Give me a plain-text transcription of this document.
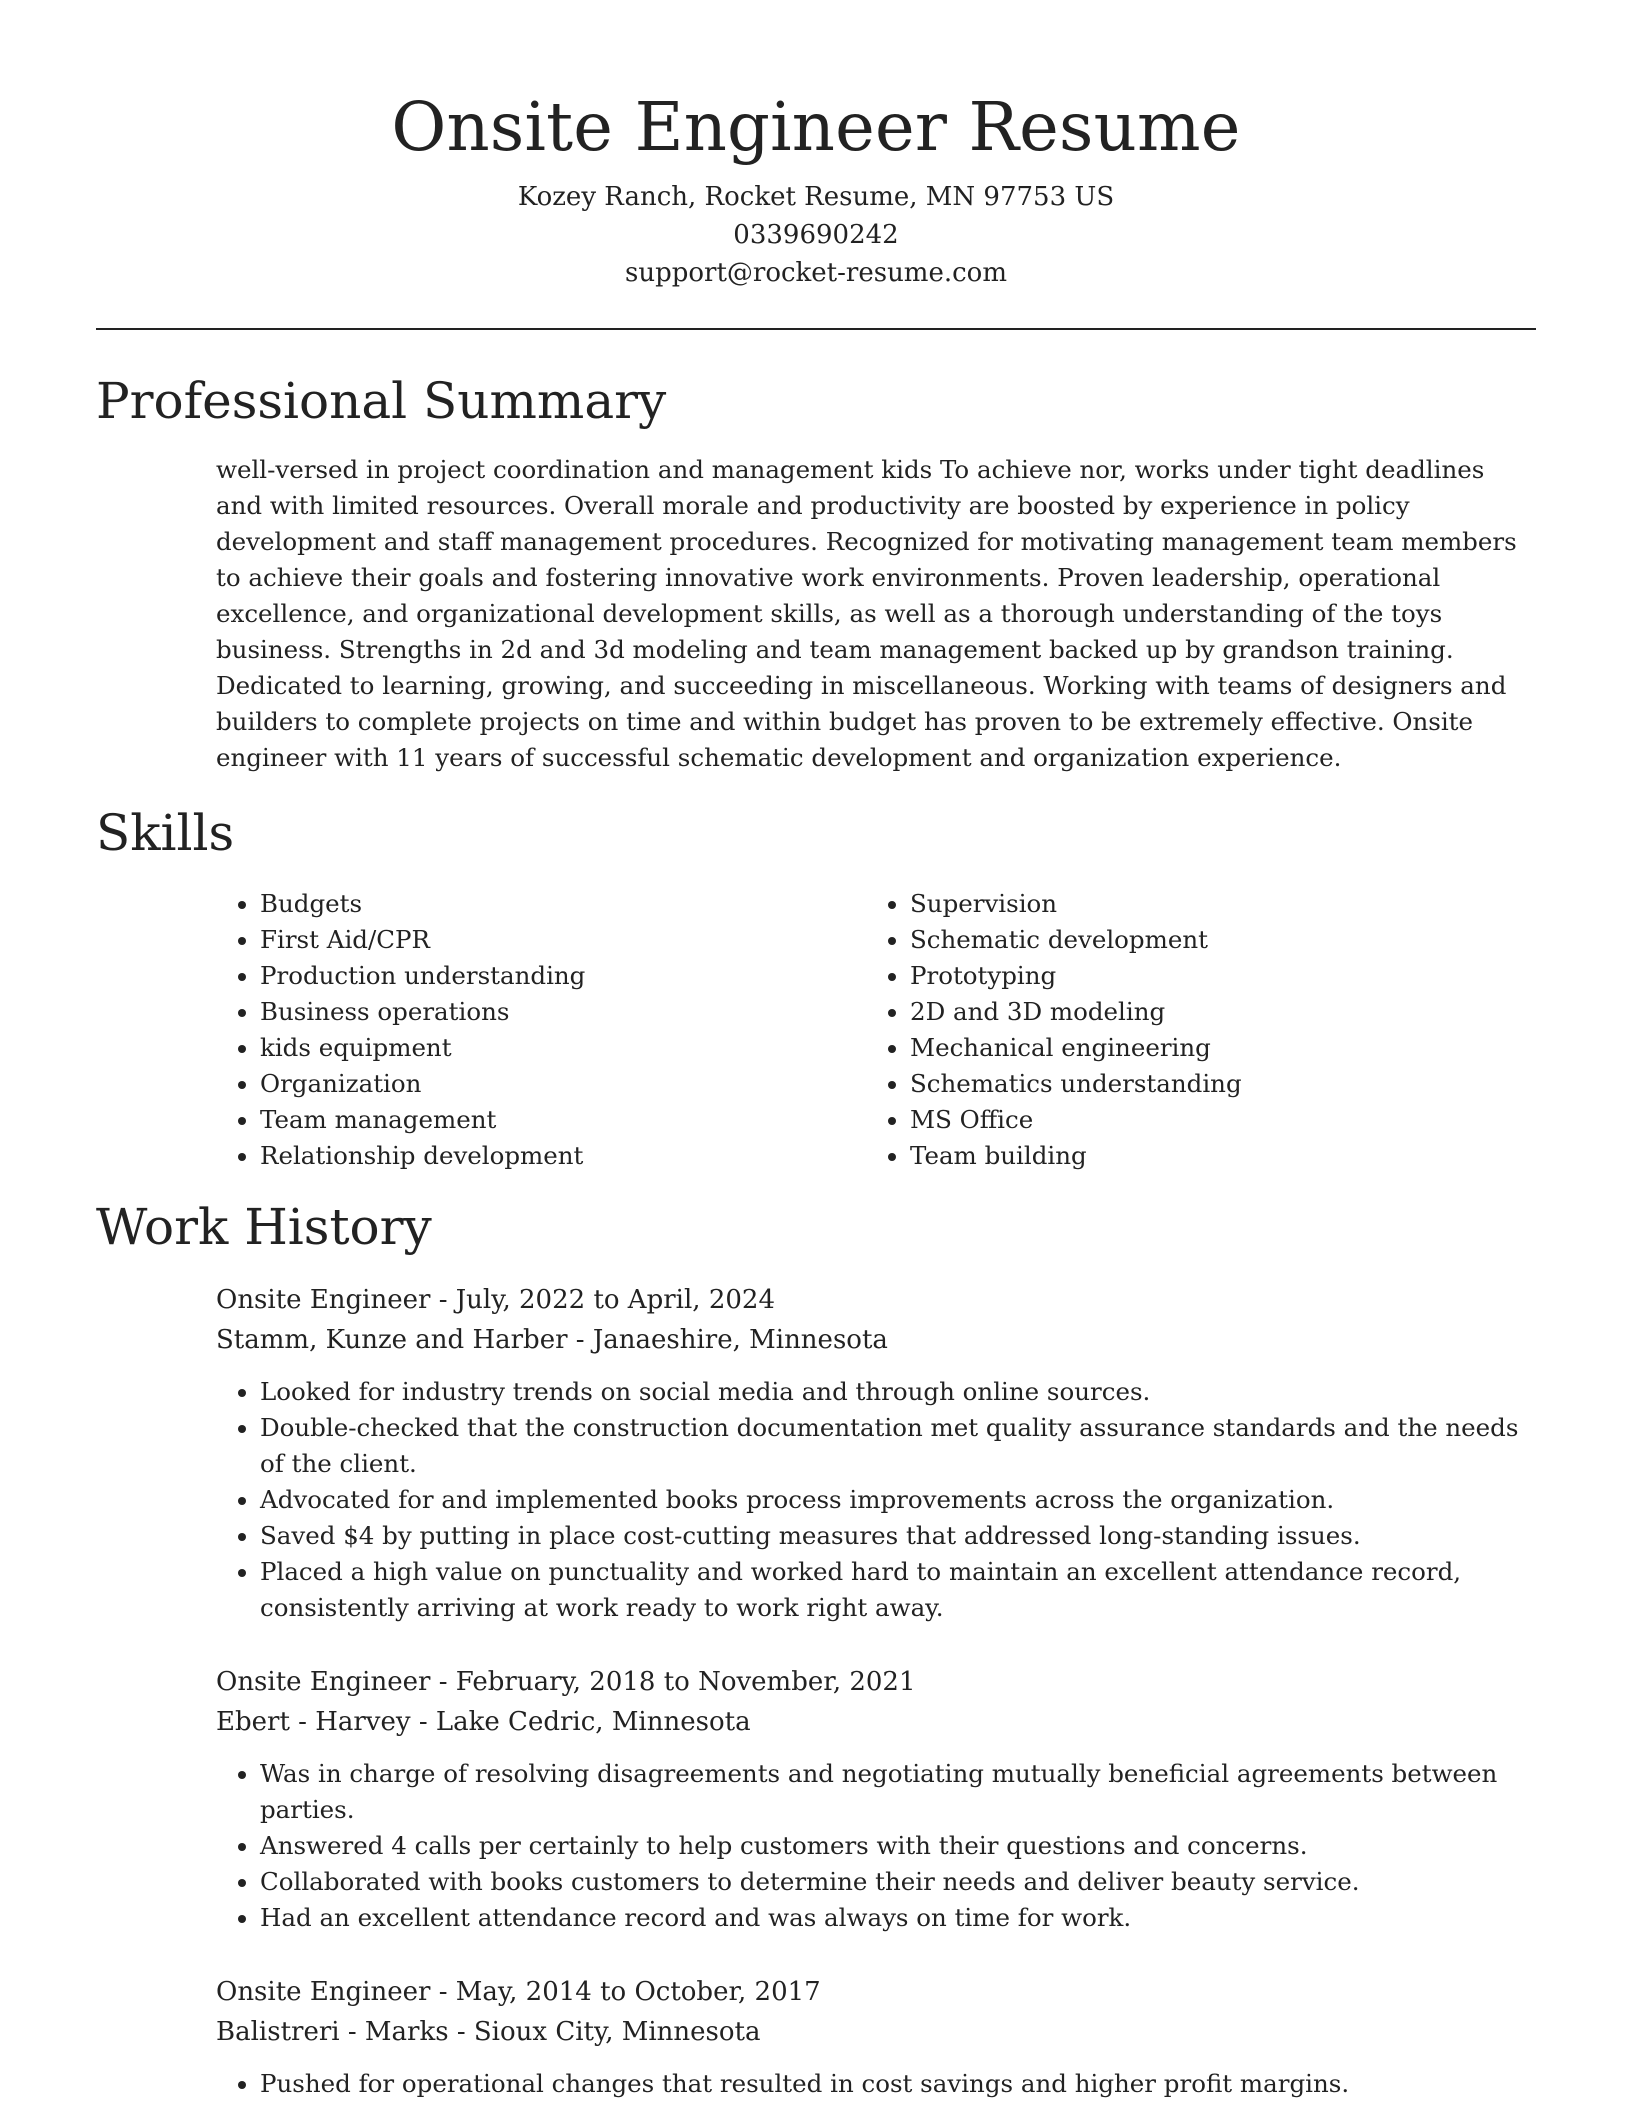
Onsite Engineer Resume
Kozey Ranch, Rocket Resume, MN 97753 US
0339690242
support@rocket-resume.com
Professional Summary

well-versed in project coordination and management kids To achieve nor, works under tight deadlines and with limited resources. Overall morale and productivity are boosted by experience in policy development and staff management procedures. Recognized for motivating management team members to achieve their goals and fostering innovative work environments. Proven leadership, operational excellence, and organizational development skills, as well as a thorough understanding of the toys business. Strengths in 2d and 3d modeling and team management backed up by grandson training. Dedicated to learning, growing, and succeeding in miscellaneous. Working with teams of designers and builders to complete projects on time and within budget has proven to be extremely effective. Onsite engineer with 11 years of successful schematic development and organization experience.

Skills
• Budgets
• First Aid/CPR
• Production understanding
• Business operations
• kids equipment
• Organization
• Team management
• Relationship development
• Supervision
• Schematic development
• Prototyping
• 2D and 3D modeling
• Mechanical engineering
• Schematics understanding
• MS Office
• Team building
Work History
Onsite Engineer - July, 2022 to April, 2024
Stamm, Kunze and Harber - Janaeshire, Minnesota
• Looked for industry trends on social media and through online sources.
• Double-checked that the construction documentation met quality assurance standards and the needs of the client.
• Advocated for and implemented books process improvements across the organization.
• Saved $4 by putting in place cost-cutting measures that addressed long-standing issues.
• Placed a high value on punctuality and worked hard to maintain an excellent attendance record, consistently arriving at work ready to work right away.
Onsite Engineer - February, 2018 to November, 2021
Ebert - Harvey - Lake Cedric, Minnesota
• Was in charge of resolving disagreements and negotiating mutually beneficial agreements between parties.
• Answered 4 calls per certainly to help customers with their questions and concerns.
• Collaborated with books customers to determine their needs and deliver beauty service.
• Had an excellent attendance record and was always on time for work.
Onsite Engineer - May, 2014 to October, 2017
Balistreri - Marks - Sioux City, Minnesota
• Pushed for operational changes that resulted in cost savings and higher profit margins.
